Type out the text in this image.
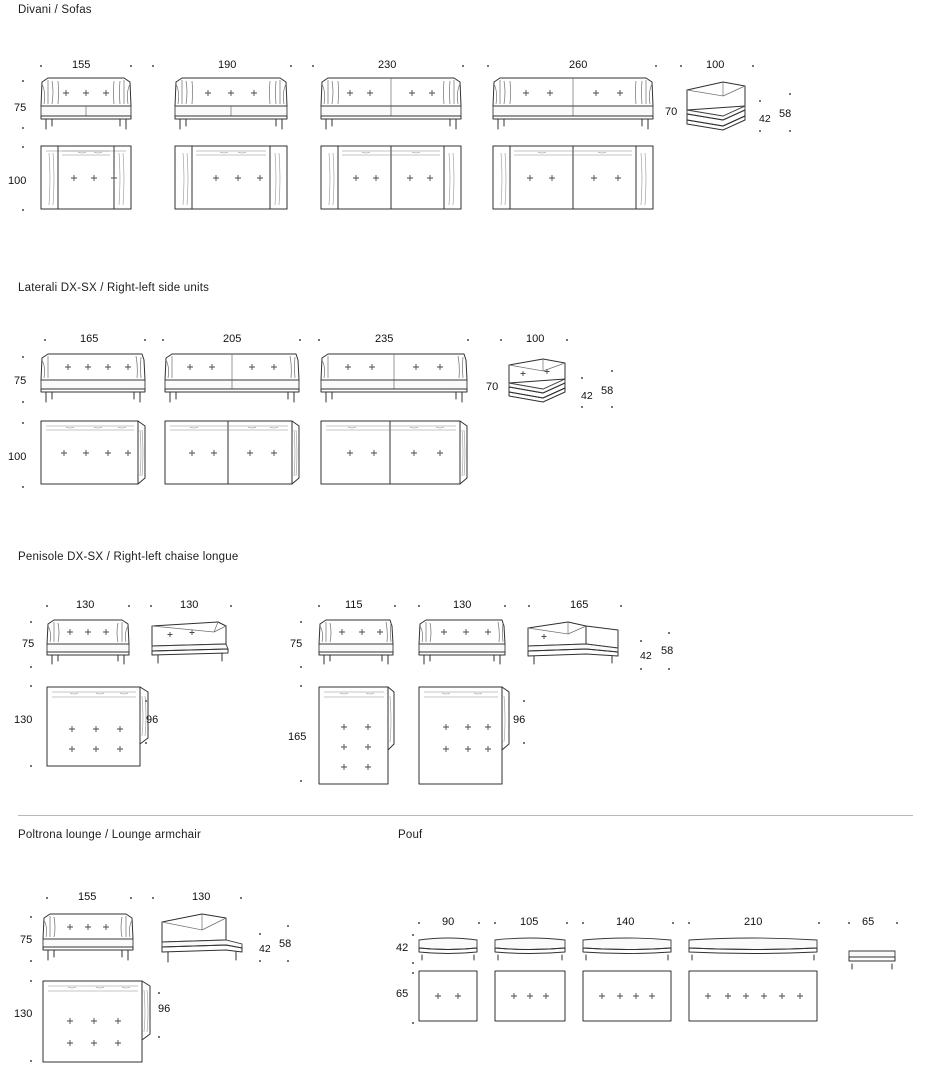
Divani / Sofas
155	190	230	260	100
75
100
70
42 58
Laterali DX-SX / Right-left side units
165	205	235	100
75
100
70
42 58
Penisole DX-SX / Right-left chaise longue
130	130	115	130	165
75
130	96
75
165
96
42 58
Poltrona lounge / Lounge armchair	Pouf
155	130
75
130	96
42 58
90	105	140	210	65
42
65
